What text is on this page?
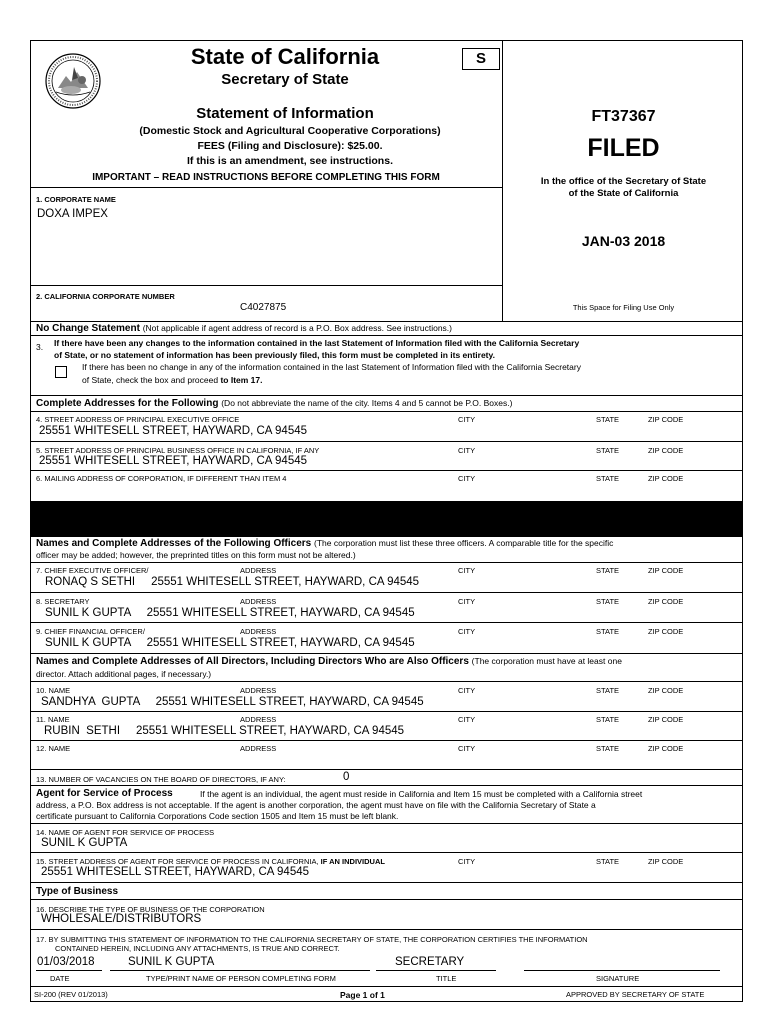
State of California
Secretary of State
S
Statement of Information
(Domestic Stock and Agricultural Cooperative Corporations)
FEES (Filing and Disclosure): $25.00.
If this is an amendment, see instructions.
IMPORTANT – READ INSTRUCTIONS BEFORE COMPLETING THIS FORM
FT37367
FILED
In the office of the Secretary of State
of the State of California
JAN-03 2018
This Space for Filing Use Only
1. CORPORATE NAME
DOXA IMPEX
2. CALIFORNIA CORPORATE NUMBER
C4027875
No Change Statement (Not applicable if agent address of record is a P.O. Box address. See instructions.)
3. If there have been any changes to the information contained in the last Statement of Information filed with the California Secretary
of State, or no statement of information has been previously filed, this form must be completed in its entirety.
If there has been no change in any of the information contained in the last Statement of Information filed with the California Secretary
of State, check the box and proceed to Item 17.
Complete Addresses for the Following (Do not abbreviate the name of the city. Items 4 and 5 cannot be P.O. Boxes.)
4. STREET ADDRESS OF PRINCIPAL EXECUTIVE OFFICE	CITY	STATE	ZIP CODE
25551 WHITESELL STREET, HAYWARD, CA 94545
5. STREET ADDRESS OF PRINCIPAL BUSINESS OFFICE IN CALIFORNIA, IF ANY	CITY	STATE	ZIP CODE
25551 WHITESELL STREET, HAYWARD, CA 94545
6. MAILING ADDRESS OF CORPORATION, IF DIFFERENT THAN ITEM 4	CITY	STATE	ZIP CODE
Names and Complete Addresses of the Following Officers (The corporation must list these three officers. A comparable title for the specific
officer may be added; however, the preprinted titles on this form must not be altered.)
7. CHIEF EXECUTIVE OFFICER/	ADDRESS	CITY	STATE	ZIP CODE
RONAQ S SETHI     25551 WHITESELL STREET, HAYWARD, CA 94545
8. SECRETARY	ADDRESS	CITY	STATE	ZIP CODE
SUNIL K GUPTA     25551 WHITESELL STREET, HAYWARD, CA 94545
9. CHIEF FINANCIAL OFFICER/	ADDRESS	CITY	STATE	ZIP CODE
SUNIL K GUPTA     25551 WHITESELL STREET, HAYWARD, CA 94545
Names and Complete Addresses of All Directors, Including Directors Who are Also Officers (The corporation must have at least one
director. Attach additional pages, if necessary.)
10. NAME	ADDRESS	CITY	STATE	ZIP CODE
SANDHYA  GUPTA     25551 WHITESELL STREET, HAYWARD, CA 94545
11. NAME	ADDRESS	CITY	STATE	ZIP CODE
RUBIN  SETHI     25551 WHITESELL STREET, HAYWARD, CA 94545
12. NAME	ADDRESS	CITY	STATE	ZIP CODE
13. NUMBER OF VACANCIES ON THE BOARD OF DIRECTORS, IF ANY:	0
Agent for Service of Process	If the agent is an individual, the agent must reside in California and Item 15 must be completed with a California street
address, a P.O. Box address is not acceptable. If the agent is another corporation, the agent must have on file with the California Secretary of State a
certificate pursuant to California Corporations Code section 1505 and Item 15 must be left blank.
14. NAME OF AGENT FOR SERVICE OF PROCESS
SUNIL K GUPTA
15. STREET ADDRESS OF AGENT FOR SERVICE OF PROCESS IN CALIFORNIA, IF AN INDIVIDUAL	CITY	STATE	ZIP CODE
25551 WHITESELL STREET, HAYWARD, CA 94545
Type of Business
16. DESCRIBE THE TYPE OF BUSINESS OF THE CORPORATION
WHOLESALE/DISTRIBUTORS
17. BY SUBMITTING THIS STATEMENT OF INFORMATION TO THE CALIFORNIA SECRETARY OF STATE, THE CORPORATION CERTIFIES THE INFORMATION
CONTAINED HEREIN, INCLUDING ANY ATTACHMENTS, IS TRUE AND CORRECT.
01/03/2018	SUNIL K GUPTA	SECRETARY
DATE	TYPE/PRINT NAME OF PERSON COMPLETING FORM	TITLE	SIGNATURE
SI-200 (REV 01/2013)	Page 1 of 1	APPROVED BY SECRETARY OF STATE
